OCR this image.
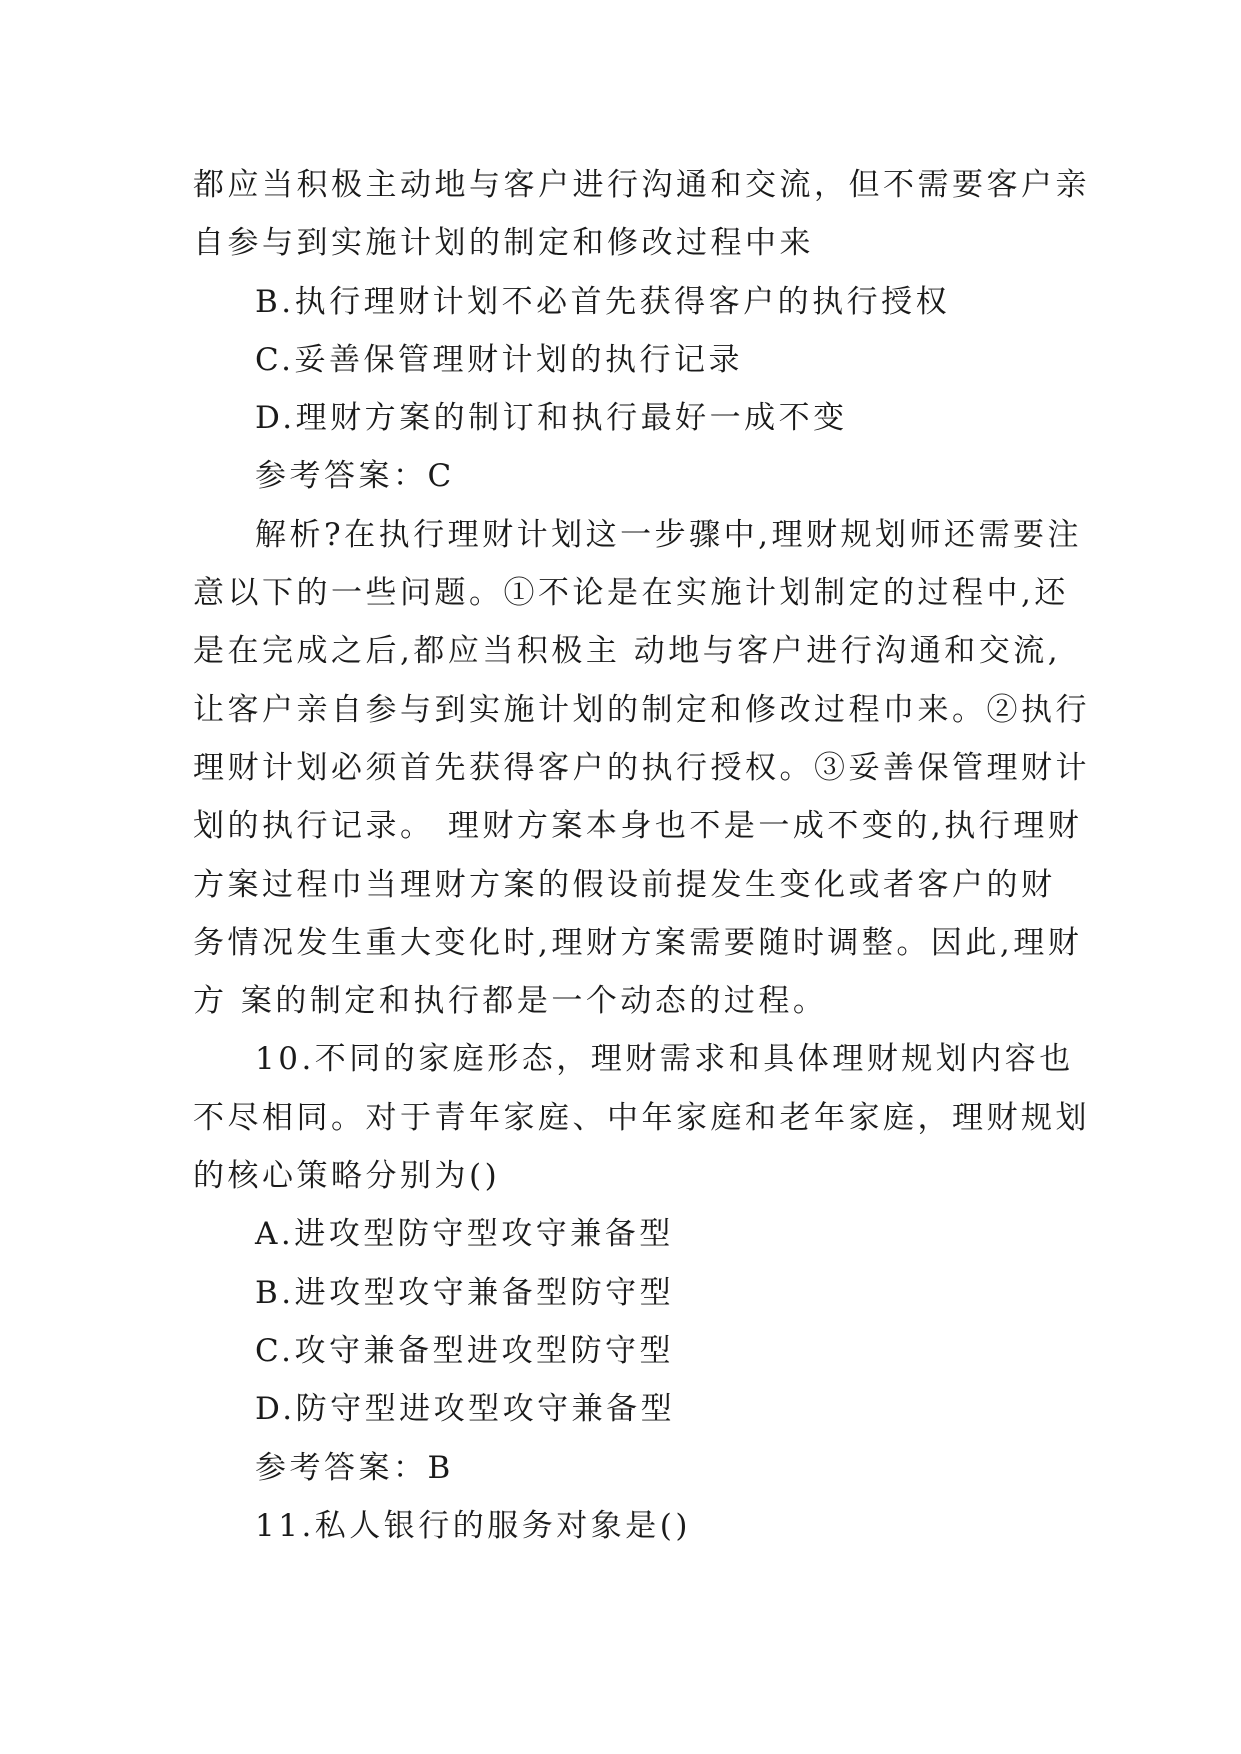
都应当积极主动地与客户进行沟通和交流，但不需要客户亲
自参与到实施计划的制定和修改过程中来
B.执行理财计划不必首先获得客户的执行授权
C.妥善保管理财计划的执行记录
D.理财方案的制订和执行最好一成不变
参考答案：C
解析?在执行理财计划这一步骤中,理财规划师还需要注
意以下的一些问题。①不论是在实施计划制定的过程中,还
是在完成之后,都应当积极主 动地与客户进行沟通和交流,
让客户亲自参与到实施计划的制定和修改过程巾来。②执行
理财计划必须首先获得客户的执行授权。③妥善保管理财计
划的执行记录。 理财方案本身也不是一成不变的,执行理财
方案过程巾当理财方案的假设前提发生变化或者客户的财
务情况发生重大变化时,理财方案需要随时调整。因此,理财
方 案的制定和执行都是一个动态的过程。
10.不同的家庭形态，理财需求和具体理财规划内容也
不尽相同。对于青年家庭、中年家庭和老年家庭，理财规划
的核心策略分别为()
A.进攻型防守型攻守兼备型
B.进攻型攻守兼备型防守型
C.攻守兼备型进攻型防守型
D.防守型进攻型攻守兼备型
参考答案：B
11.私人银行的服务对象是()
